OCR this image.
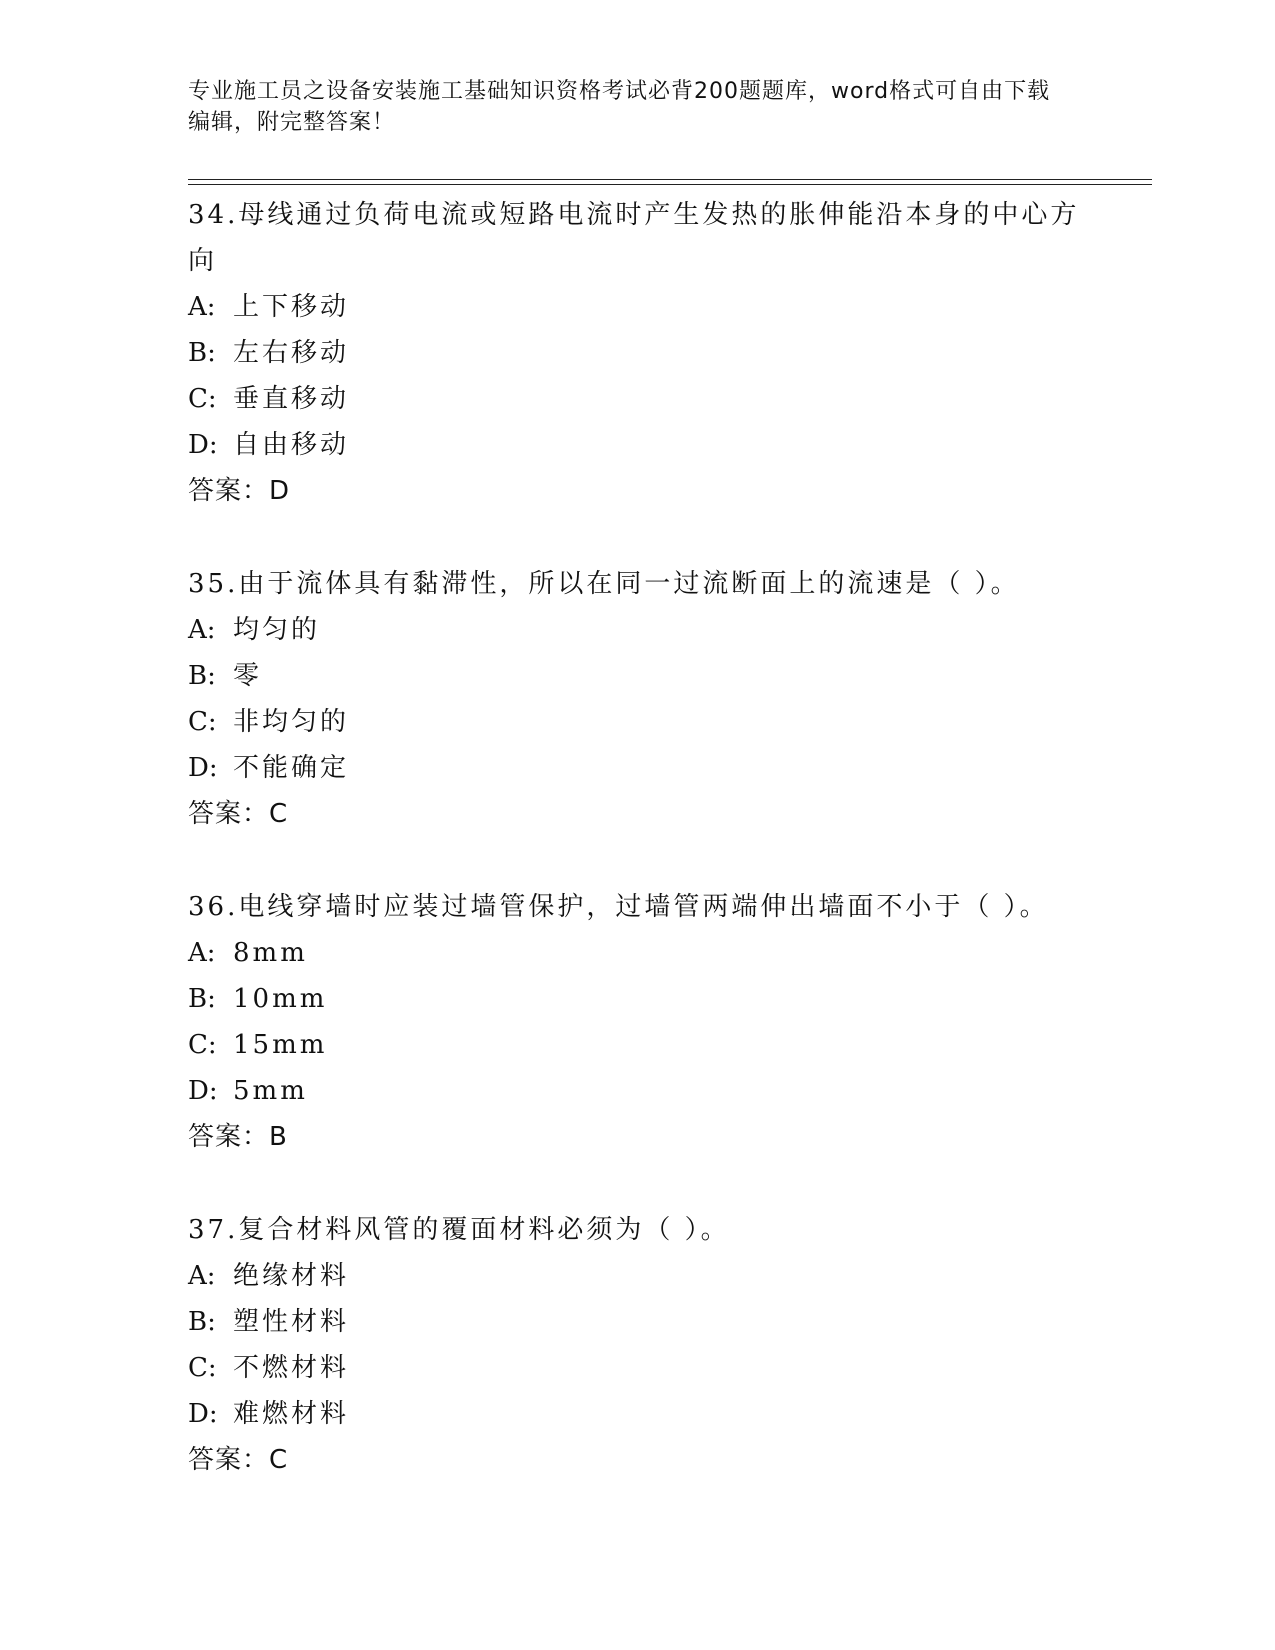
专业施工员之设备安装施工基础知识资格考试必背200题题库，word格式可自由下载编辑，附完整答案！

34.母线通过负荷电流或短路电流时产生发热的胀伸能沿本身的中心方向

A: 上下移动

B: 左右移动

C: 垂直移动

D: 自由移动

答案：D

35.由于流体具有黏滞性，所以在同一过流断面上的流速是（ ）。

A: 均匀的

B: 零

C: 非均匀的

D: 不能确定

答案：C

36.电线穿墙时应装过墙管保护，过墙管两端伸出墙面不小于（ ）。

A: 8mm

B: 10mm

C: 15mm

D: 5mm

答案：B

37.复合材料风管的覆面材料必须为（ ）。

A: 绝缘材料

B: 塑性材料

C: 不燃材料

D: 难燃材料

答案：C
